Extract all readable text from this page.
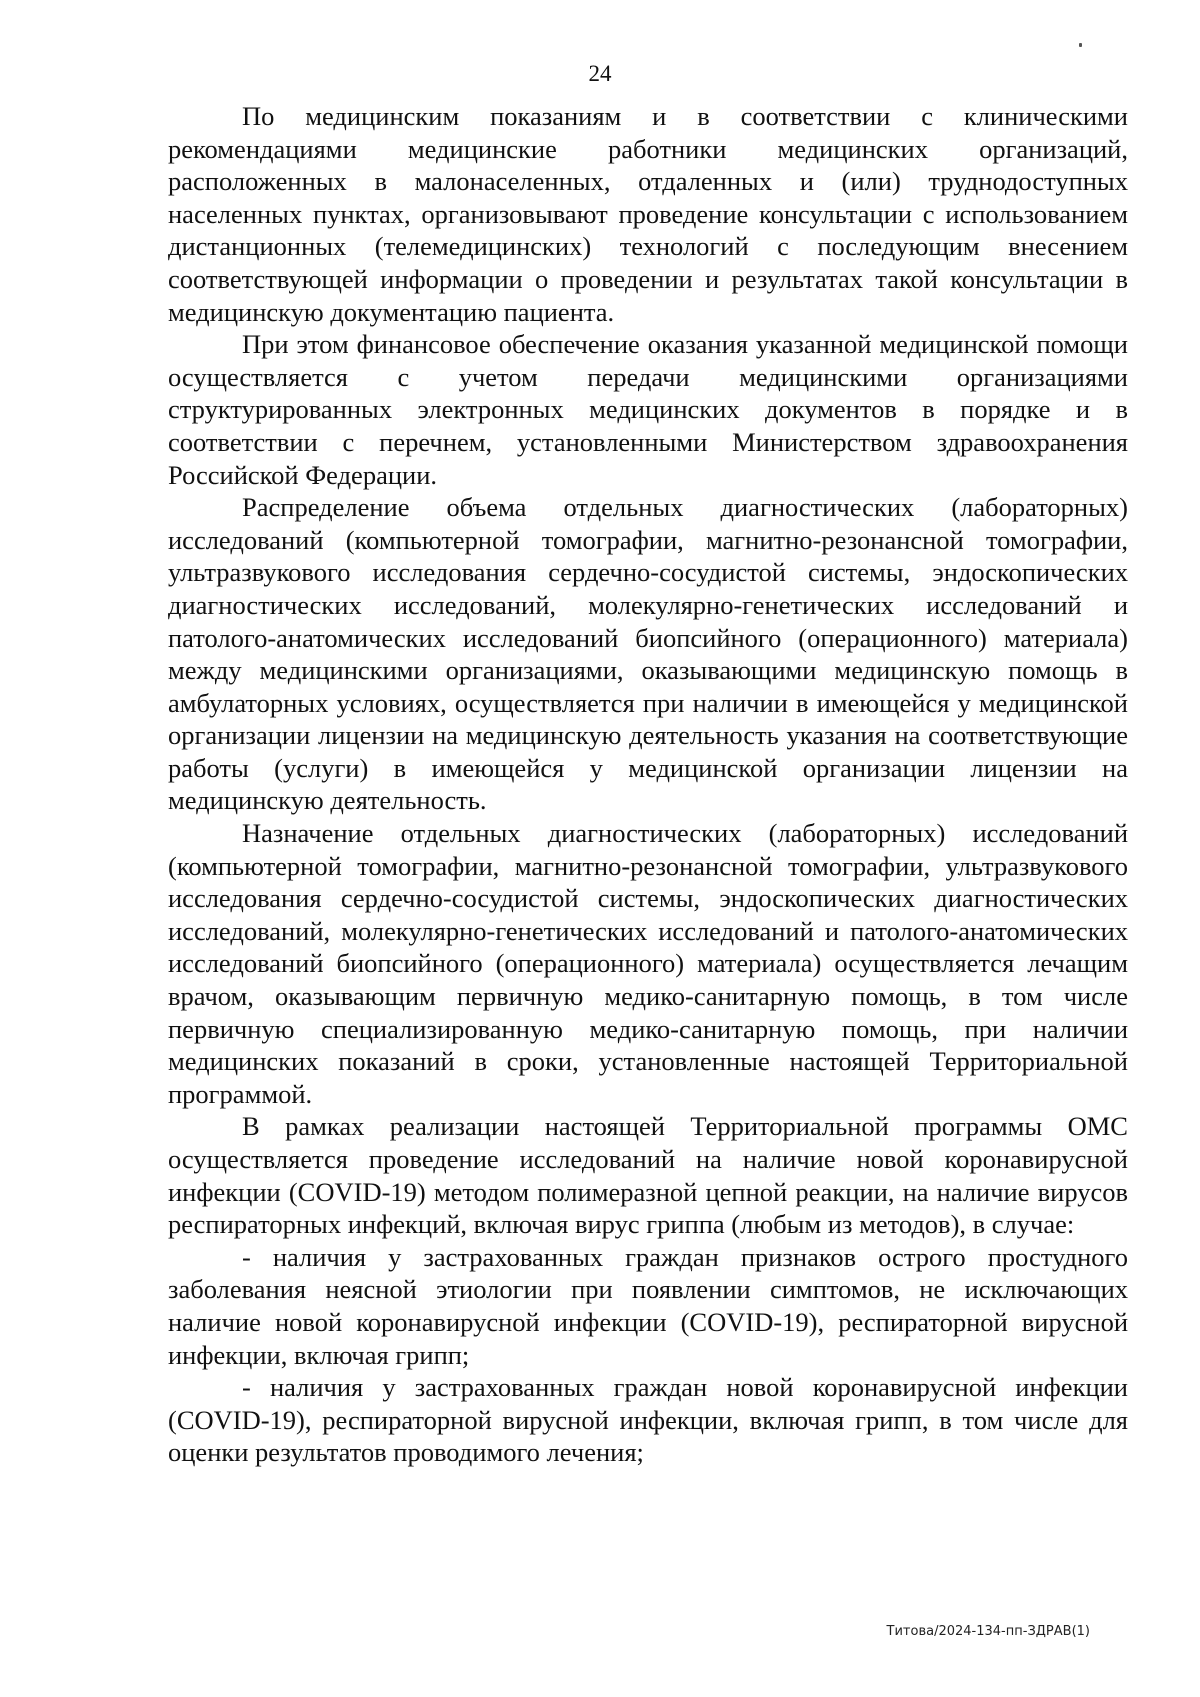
24

По медицинским показаниям и в соответствии с клиническими рекомендациями медицинские работники медицинских организаций, расположенных в малонаселенных, отдаленных и (или) труднодоступных населенных пунктах, организовывают проведение консультации с использованием дистанционных (телемедицинских) технологий с последующим внесением соответствующей информации о проведении и результатах такой консультации в медицинскую документацию пациента.

При этом финансовое обеспечение оказания указанной медицинской помощи осуществляется с учетом передачи медицинскими организациями структурированных электронных медицинских документов в порядке и в соответствии с перечнем, установленными Министерством здравоохранения Российской Федерации.

Распределение объема отдельных диагностических (лабораторных) исследований (компьютерной томографии, магнитно-резонансной томографии, ультразвукового исследования сердечно-сосудистой системы, эндоскопических диагностических исследований, молекулярно-генетических исследований и патолого-анатомических исследований биопсийного (операционного) материала) между медицинскими организациями, оказывающими медицинскую помощь в амбулаторных условиях, осуществляется при наличии в имеющейся у медицинской организации лицензии на медицинскую деятельность указания на соответствующие работы (услуги) в имеющейся у медицинской организации лицензии на медицинскую деятельность.

Назначение отдельных диагностических (лабораторных) исследований (компьютерной томографии, магнитно-резонансной томографии, ультразвукового исследования сердечно-сосудистой системы, эндоскопических диагностических исследований, молекулярно-генетических исследований и патолого-анатомических исследований биопсийного (операционного) материала) осуществляется лечащим врачом, оказывающим первичную медико-санитарную помощь, в том числе первичную специализированную медико-санитарную помощь, при наличии медицинских показаний в сроки, установленные настоящей Территориальной программой.

В рамках реализации настоящей Территориальной программы ОМС осуществляется проведение исследований на наличие новой коронавирусной инфекции (COVID-19) методом полимеразной цепной реакции, на наличие вирусов респираторных инфекций, включая вирус гриппа (любым из методов), в случае:

- наличия у застрахованных граждан признаков острого простудного заболевания неясной этиологии при появлении симптомов, не исключающих наличие новой коронавирусной инфекции (COVID-19), респираторной вирусной инфекции, включая грипп;

- наличия у застрахованных граждан новой коронавирусной инфекции (COVID-19), респираторной вирусной инфекции, включая грипп, в том числе для оценки результатов проводимого лечения;

Титова/2024-134-пп-ЗДРАВ(1)
